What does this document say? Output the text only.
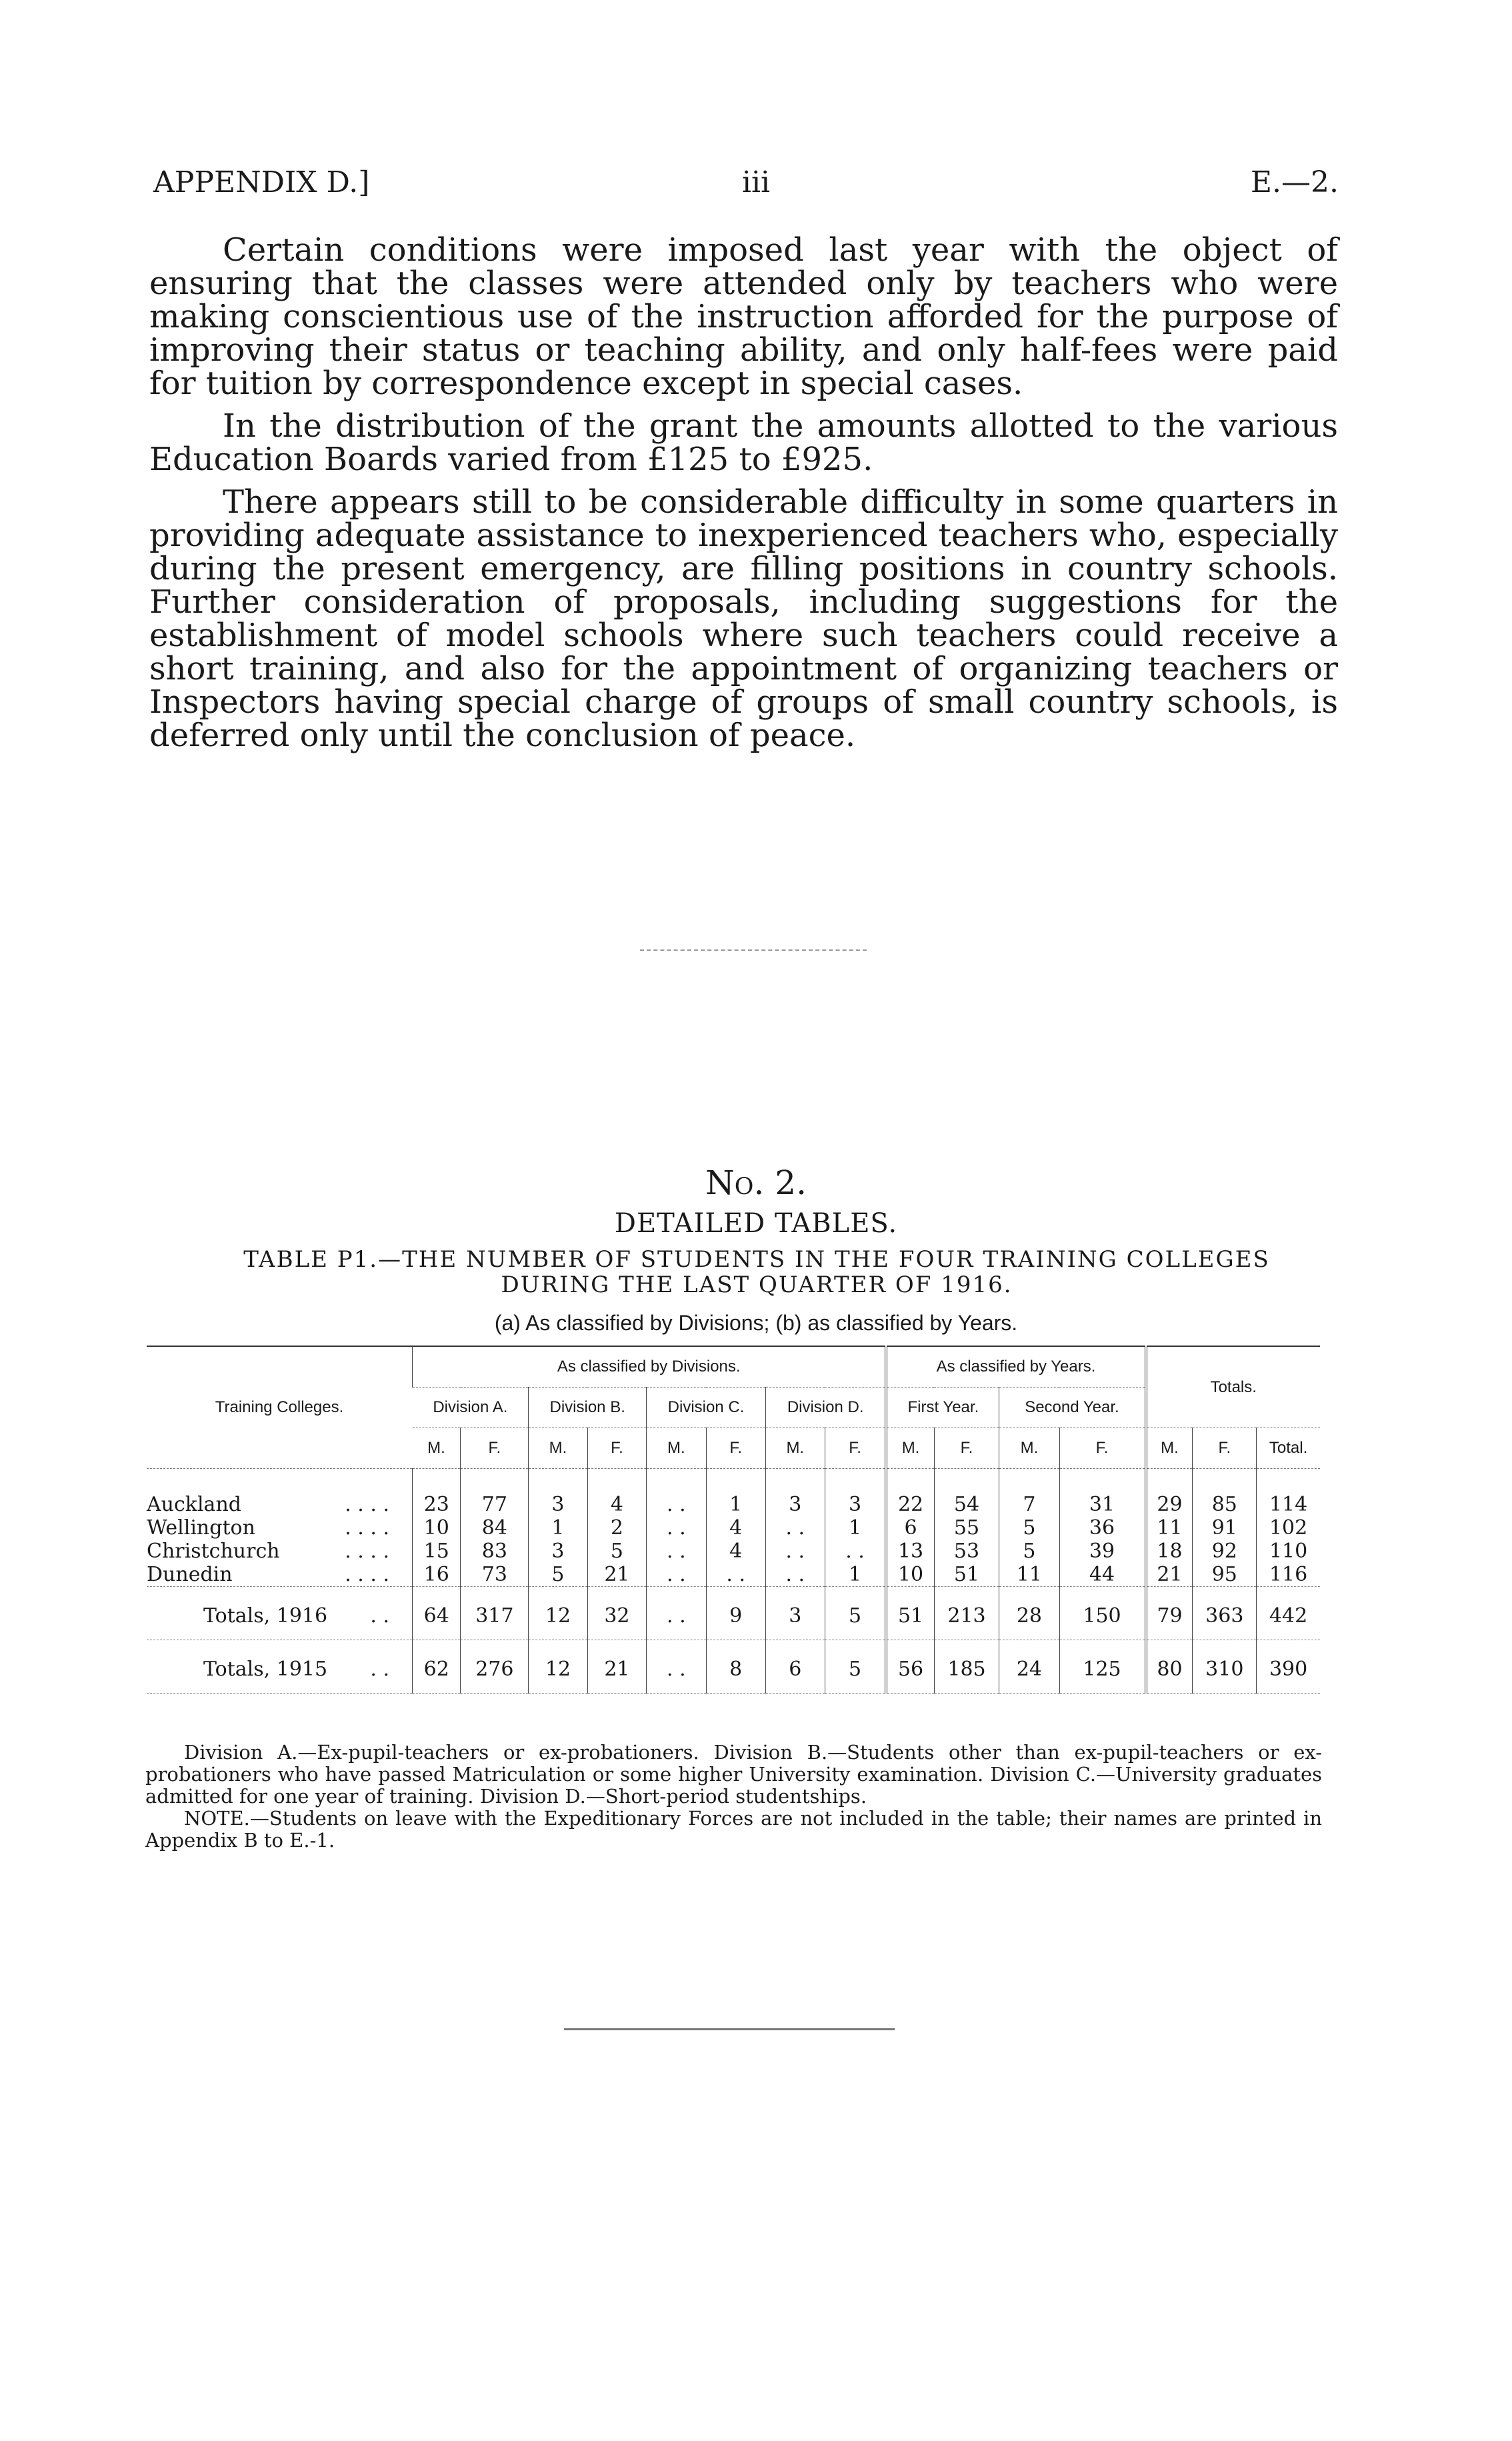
APPENDIX D.]	iii	E.—2.

Certain conditions were imposed last year with the object of ensuring that the classes were attended only by teachers who were making conscientious use of the instruction afforded for the purpose of improving their status or teaching ability, and only half-fees were paid for tuition by correspondence except in special cases.

In the distribution of the grant the amounts allotted to the various Education Boards varied from £125 to £925.

There appears still to be considerable difficulty in some quarters in providing adequate assistance to inexperienced teachers who, especially during the present emergency, are filling positions in country schools. Further consideration of proposals, including suggestions for the establishment of model schools where such teachers could receive a short training, and also for the appointment of organizing teachers or Inspectors having special charge of groups of small country schools, is deferred only until the conclusion of peace.

No. 2.
DETAILED TABLES.
TABLE P1.—THE NUMBER OF STUDENTS IN THE FOUR TRAINING COLLEGES DURING THE LAST QUARTER OF 1916.
(a) As classified by Divisions; (b) as classified by Years.
Training Colleges.	As classified by Divisions.								As classified by Years.				Totals.		
	Division A.		Division B.		Division C.		Division D.		First Year.		Second Year.				
	M.	F.	M.	F.	M.	F.	M.	F.	M.	F.	M.	F.	M.	F.	Total.

. . . .
Auckland	23	77	3	4	. .	1	3	3	22	54	7	31	29	85	114

. . . .
Wellington	10	84	1	2	. .	4	. .	1	6	55	5	36	11	91	102

. . . .
Christchurch	15	83	3	5	. .	4	. .	. .	13	53	5	39	18	92	110

. . . .
Dunedin	16	73	5	21	. .	. .	. .	1	10	51	11	44	21	95	116

. .
Totals, 1916	64	317	12	32	. .	9	3	5	51	213	28	150	79	363	442

. .
Totals, 1915	62	276	12	21	. .	8	6	5	56	185	24	125	80	310	390

Division A.—Ex-pupil-teachers or ex-probationers. Division B.—Students other than ex-pupil-teachers or ex-probationers who have passed Matriculation or some higher University examination. Division C.—University graduates admitted for one year of training. Division D.—Short-period studentships.

NOTE.—Students on leave with the Expeditionary Forces are not included in the table; their names are printed in Appendix B to E.-1.
